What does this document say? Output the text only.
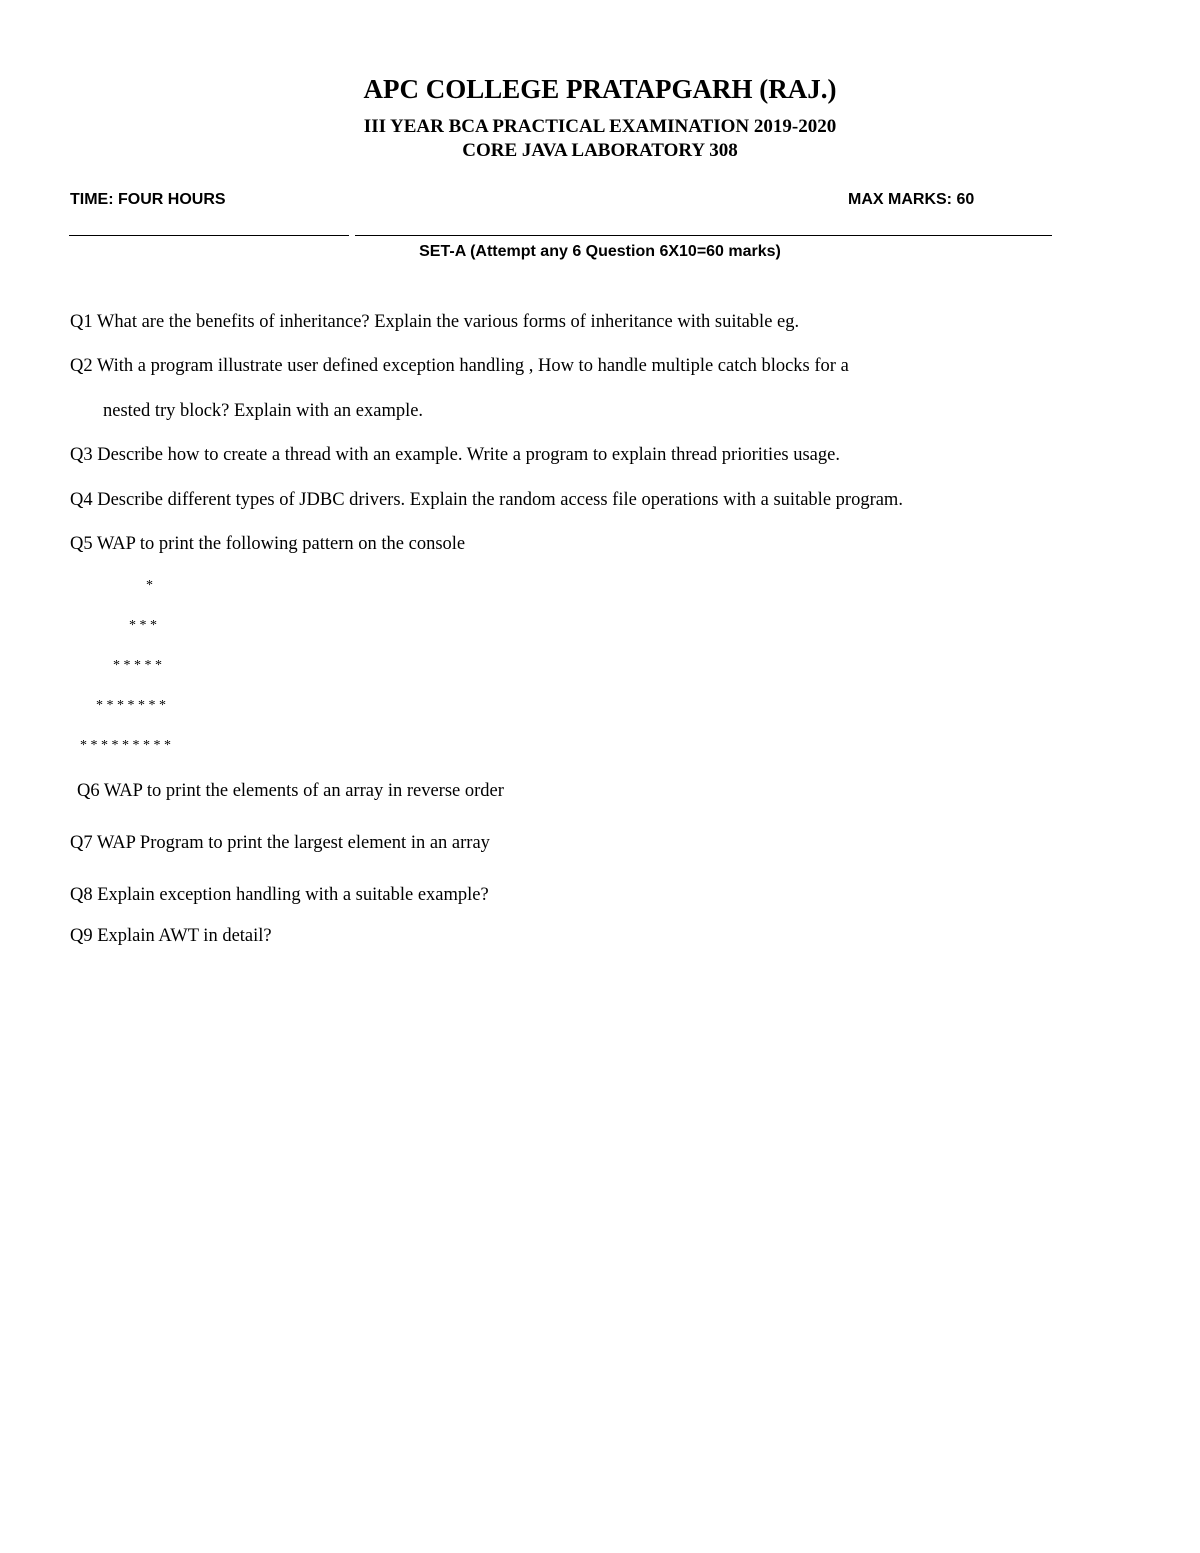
APC COLLEGE PRATAPGARH (RAJ.)
III YEAR BCA PRACTICAL EXAMINATION 2019-2020
CORE JAVA LABORATORY 308
TIME: FOUR HOURS	MAX MARKS: 60
SET-A (Attempt any 6 Question 6X10=60 marks)
Q1 What are the benefits of inheritance? Explain the various forms of inheritance with suitable eg.
Q2 With a program illustrate user defined exception handling , How to handle multiple catch blocks for a
nested try block? Explain with an example.
Q3 Describe how to create a thread with an example. Write a program to explain thread priorities usage.
Q4 Describe different types of JDBC drivers. Explain the random access file operations with a suitable program.
Q5 WAP to print the following pattern on the console
*
* * *
* * * * *
* * * * * * *
* * * * * * * * *
Q6 WAP to print the elements of an array in reverse order
Q7 WAP Program to print the largest element in an array
Q8 Explain exception handling with a suitable example?
Q9 Explain AWT in detail?
